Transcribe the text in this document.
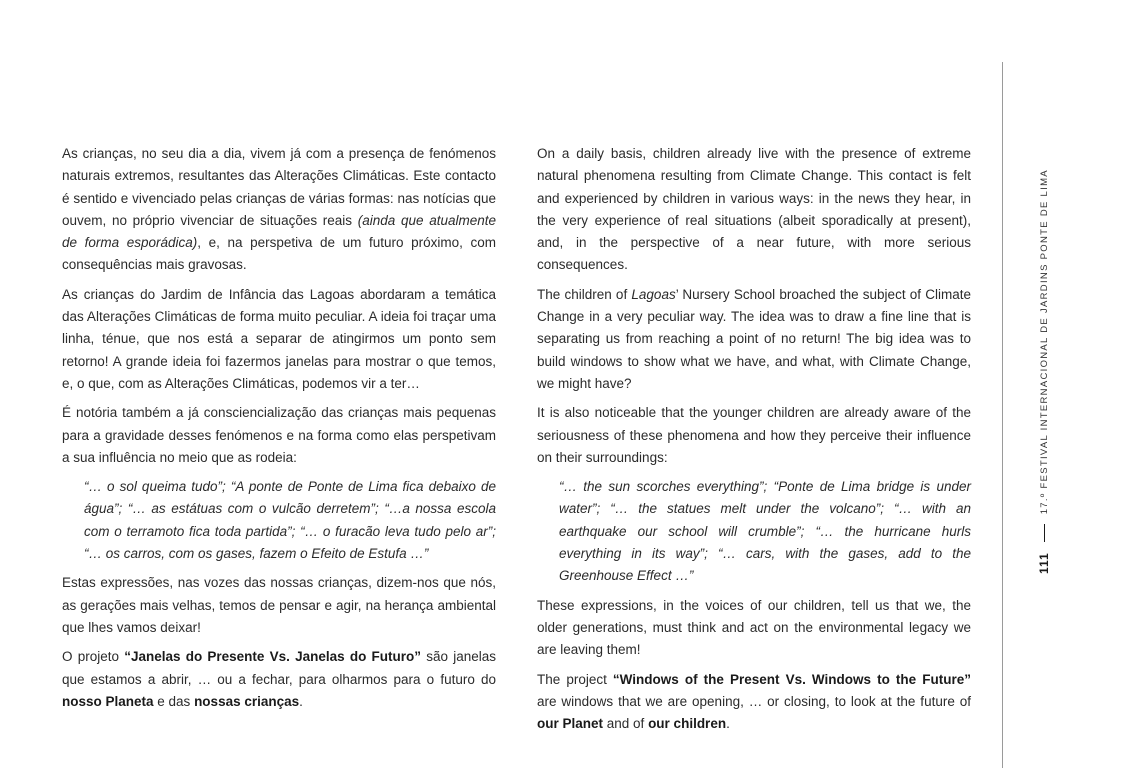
As crianças, no seu dia a dia, vivem já com a presença de fenómenos naturais extremos, resultantes das Alterações Climáticas. Este contacto é sentido e vivenciado pelas crianças de várias formas: nas notícias que ouvem, no próprio vivenciar de situações reais (ainda que atualmente de forma esporádica), e, na perspetiva de um futuro próximo, com consequências mais gravosas.

As crianças do Jardim de Infância das Lagoas abordaram a temática das Alterações Climáticas de forma muito peculiar. A ideia foi traçar uma linha, ténue, que nos está a separar de atingirmos um ponto sem retorno! A grande ideia foi fazermos janelas para mostrar o que temos, e, o que, com as Alterações Climáticas, podemos vir a ter…

É notória também a já consciencialização das crianças mais pequenas para a gravidade desses fenómenos e na forma como elas perspetivam a sua influência no meio que as rodeia:

“… o sol queima tudo”; “A ponte de Ponte de Lima fica debaixo de água”; “… as estátuas com o vulcão derretem”; “…a nossa escola com o terramoto fica toda partida”; “… o furacão leva tudo pelo ar”; “… os carros, com os gases, fazem o Efeito de Estufa …”

Estas expressões, nas vozes das nossas crianças, dizem-nos que nós, as gerações mais velhas, temos de pensar e agir, na herança ambiental que lhes vamos deixar!

O projeto “Janelas do Presente Vs. Janelas do Futuro” são janelas que estamos a abrir, … ou a fechar, para olharmos para o futuro do nosso Planeta e das nossas crianças.

On a daily basis, children already live with the presence of extreme natural phenomena resulting from Climate Change. This contact is felt and experienced by children in various ways: in the news they hear, in the very experience of real situations (albeit sporadically at present), and, in the perspective of a near future, with more serious consequences.

The children of Lagoas’ Nursery School broached the subject of Climate Change in a very peculiar way. The idea was to draw a fine line that is separating us from reaching a point of no return! The big idea was to build windows to show what we have, and what, with Climate Change, we might have?

It is also noticeable that the younger children are already aware of the seriousness of these phenomena and how they perceive their influence on their surroundings:

“… the sun scorches everything”; “Ponte de Lima bridge is under water”; “… the statues melt under the volcano”; “… with an earthquake our school will crumble”; “… the hurricane hurls everything in its way”; “… cars, with the gases, add to the Greenhouse Effect …”

These expressions, in the voices of our children, tell us that we, the older generations, must think and act on the environmental legacy we are leaving them!

The project “Windows of the Present Vs. Windows to the Future” are windows that we are opening, … or closing, to look at the future of our Planet and of our children.

111
17.º FESTIVAL INTERNACIONAL DE JARDINS PONTE DE LIMA
